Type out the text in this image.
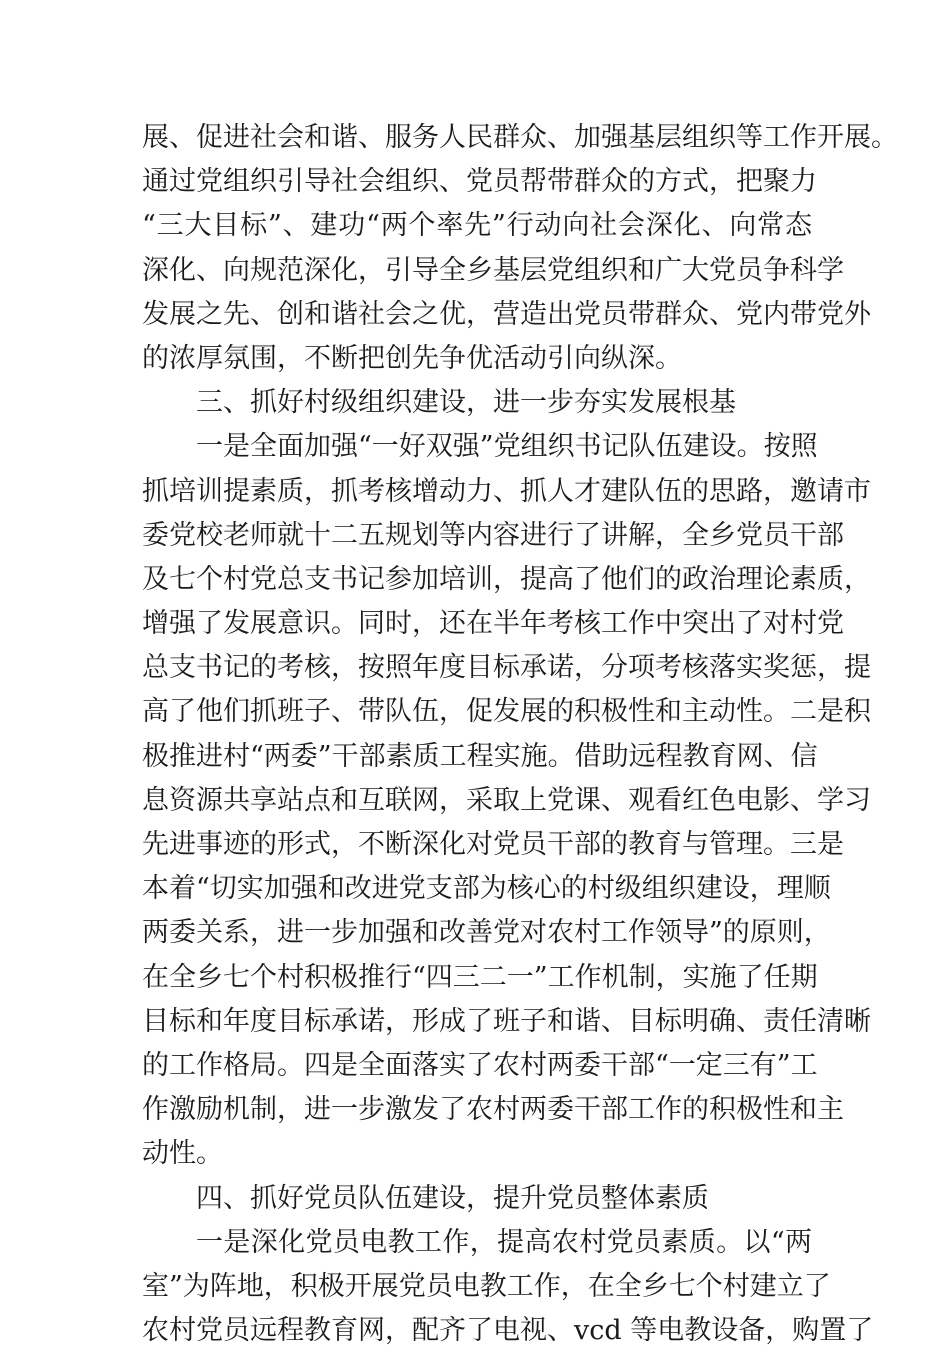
展、促进社会和谐、服务人民群众、加强基层组织等工作开展。
通过党组织引导社会组织、党员帮带群众的方式，把聚力
“三大目标”、建功“两个率先”行动向社会深化、向常态
深化、向规范深化，引导全乡基层党组织和广大党员争科学
发展之先、创和谐社会之优，营造出党员带群众、党内带党外
的浓厚氛围，不断把创先争优活动引向纵深。
三、抓好村级组织建设，进一步夯实发展根基
一是全面加强“一好双强”党组织书记队伍建设。按照
抓培训提素质，抓考核增动力、抓人才建队伍的思路，邀请市
委党校老师就十二五规划等内容进行了讲解，全乡党员干部
及七个村党总支书记参加培训，提高了他们的政治理论素质，
增强了发展意识。同时，还在半年考核工作中突出了对村党
总支书记的考核，按照年度目标承诺，分项考核落实奖惩，提
高了他们抓班子、带队伍，促发展的积极性和主动性。二是积
极推进村“两委”干部素质工程实施。借助远程教育网、信
息资源共享站点和互联网，采取上党课、观看红色电影、学习
先进事迹的形式，不断深化对党员干部的教育与管理。三是
本着“切实加强和改进党支部为核心的村级组织建设，理顺
两委关系，进一步加强和改善党对农村工作领导”的原则，
在全乡七个村积极推行“四三二一”工作机制，实施了任期
目标和年度目标承诺，形成了班子和谐、目标明确、责任清晰
的工作格局。四是全面落实了农村两委干部“一定三有”工
作激励机制，进一步激发了农村两委干部工作的积极性和主
动性。
四、抓好党员队伍建设，提升党员整体素质
一是深化党员电教工作，提高农村党员素质。以“两
室”为阵地，积极开展党员电教工作，在全乡七个村建立了
农村党员远程教育网，配齐了电视、vcd 等电教设备，购置了
